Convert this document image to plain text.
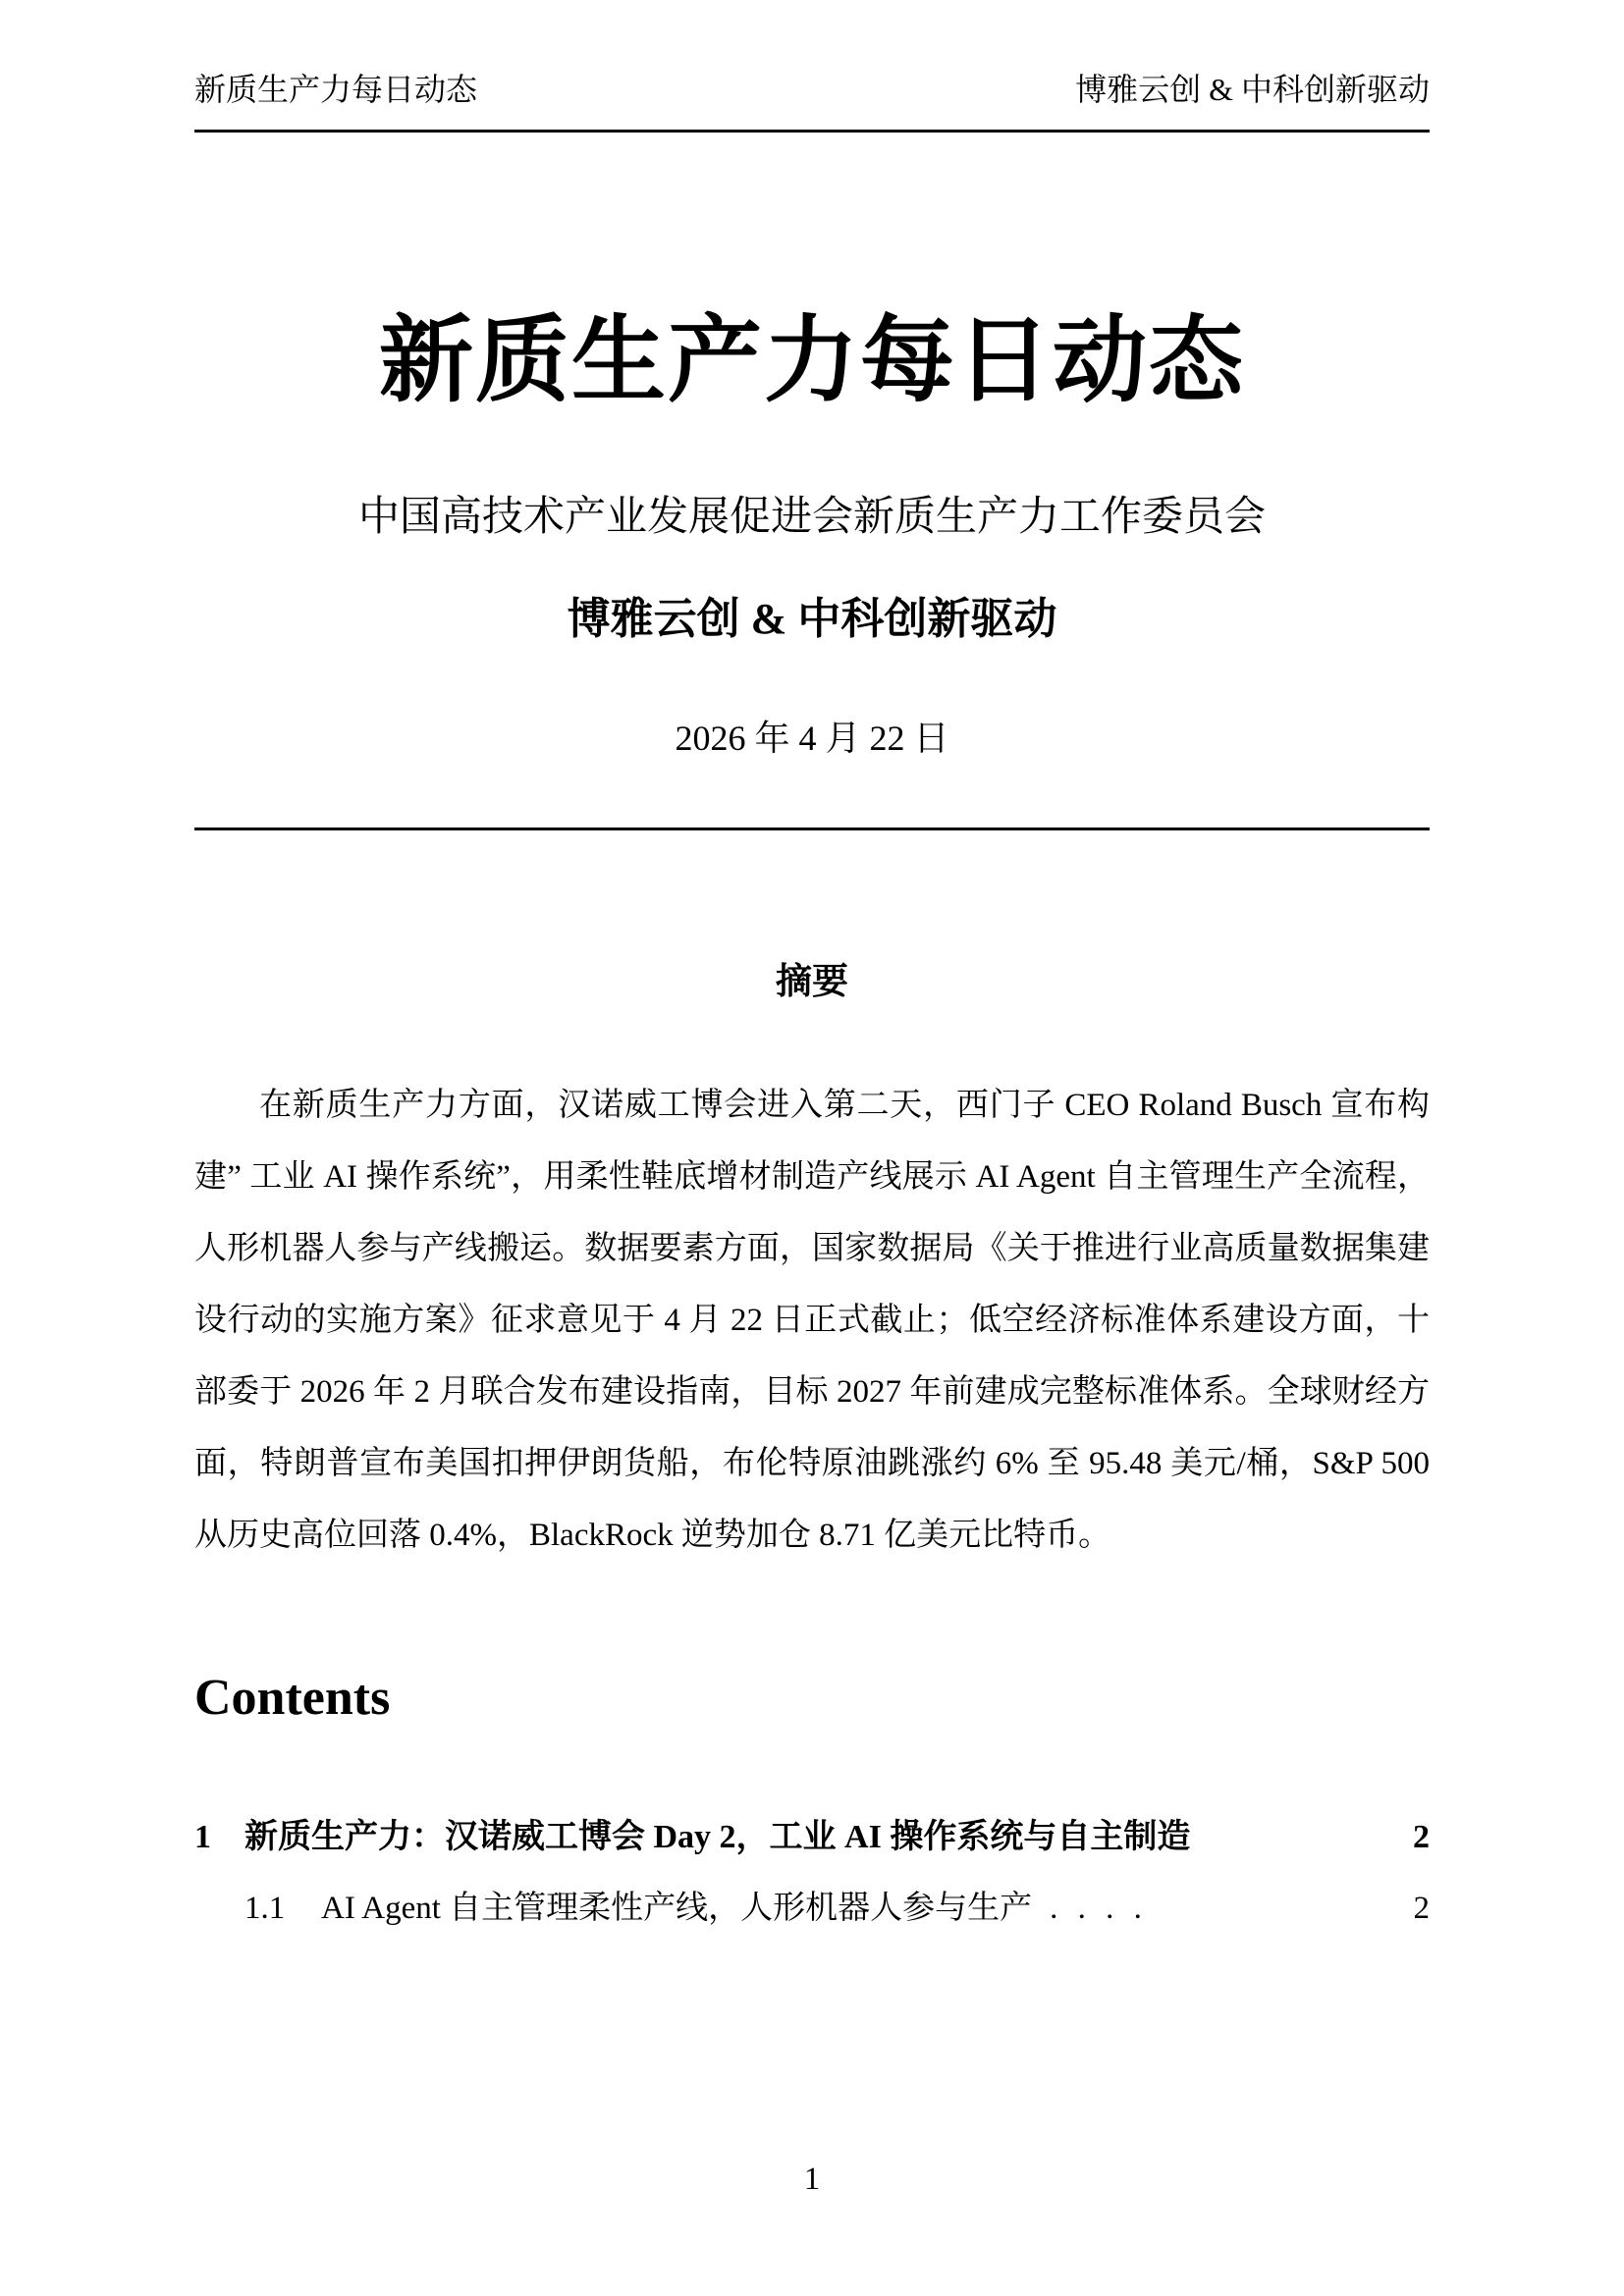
新质生产力每日动态	博雅云创 & 中科创新驱动
新质生产力每日动态
中国高技术产业发展促进会新质生产力工作委员会
博雅云创 & 中科创新驱动
2026 年 4 月 22 日
摘要

在新质生产力方面，汉诺威工博会进入第二天，西门子 CEO Roland Busch 宣布构建” 工业 AI 操作系统”，用柔性鞋底增材制造产线展示 AI Agent 自主管理生产全流程，人形机器人参与产线搬运。数据要素方面，国家数据局《关于推进行业高质量数据集建设行动的实施方案》征求意见于 4 月 22 日正式截止；低空经济标准体系建设方面，十部委于 2026 年 2 月联合发布建设指南，目标 2027 年前建成完整标准体系。全球财经方面，特朗普宣布美国扣押伊朗货船，布伦特原油跳涨约 6% 至 95.48 美元/桶，S&P 500 从历史高位回落 0.4%，BlackRock 逆势加仓 8.71 亿美元比特币。

Contents
1	新质生产力：汉诺威工博会 Day 2，工业 AI 操作系统与自主制造	2
1.1	AI Agent 自主管理柔性产线，人形机器人参与生产 . . . .	2
1
